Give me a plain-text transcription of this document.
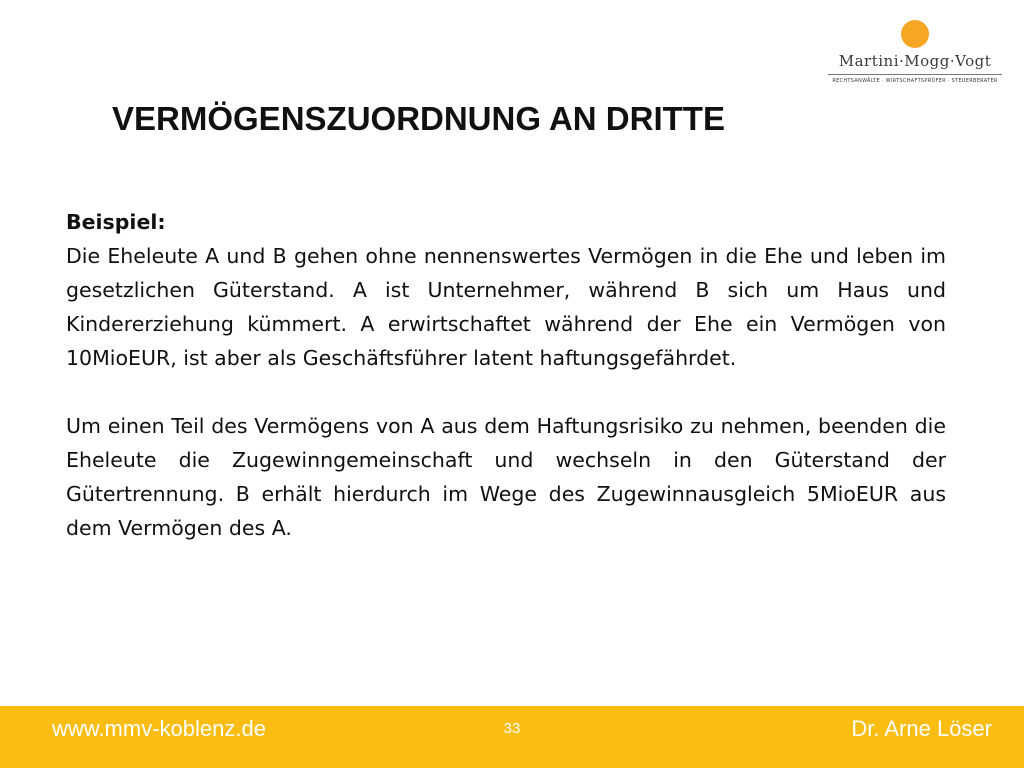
Martini·Mogg·Vogt
RECHTSANWÄLTE · WIRTSCHAFTSPRÜFER · STEUERBERATER
VERMÖGENSZUORDNUNG AN DRITTE
Beispiel:

Die Eheleute A und B gehen ohne nennenswertes Vermögen in die Ehe und leben im gesetzlichen Güterstand. A ist Unternehmer, während B sich um Haus und Kindererziehung kümmert. A erwirtschaftet während der Ehe ein Vermögen von 10MioEUR, ist aber als Geschäftsführer latent haftungsgefährdet.

Um einen Teil des Vermögens von A aus dem Haftungsrisiko zu nehmen, beenden die Eheleute die Zugewinngemeinschaft und wechseln in den Güterstand der Gütertrennung. B erhält hierdurch im Wege des Zugewinnausgleich 5MioEUR aus dem Vermögen des A.

www.mmv-koblenz.de	33	Dr. Arne Löser
